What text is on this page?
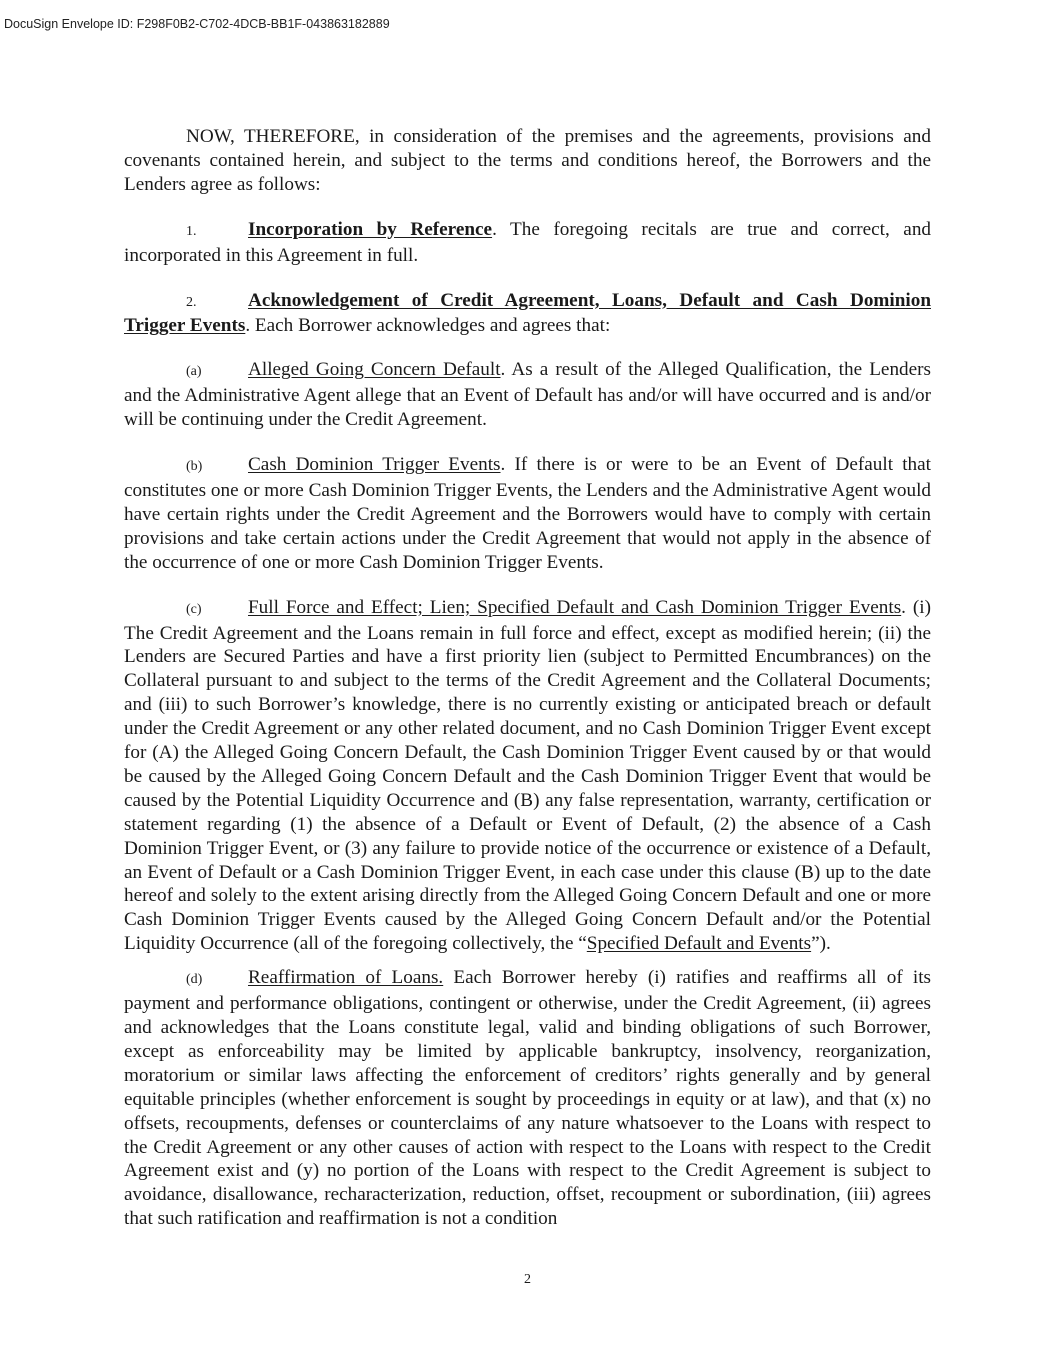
DocuSign Envelope ID: F298F0B2-C702-4DCB-BB1F-043863182889

NOW, THEREFORE, in consideration of the premises and the agreements, provisions and covenants contained herein, and subject to the terms and conditions hereof, the Borrowers and the Lenders agree as follows:

1.	Incorporation by Reference. The foregoing recitals are true and correct, and incorporated in this Agreement in full.

2.	Acknowledgement of Credit Agreement, Loans, Default and Cash Dominion Trigger Events. Each Borrower acknowledges and agrees that:

(a) Alleged Going Concern Default. As a result of the Alleged Qualification, the Lenders and the Administrative Agent allege that an Event of Default has and/or will have occurred and is and/or will be continuing under the Credit Agreement.

(b) Cash Dominion Trigger Events. If there is or were to be an Event of Default that constitutes one or more Cash Dominion Trigger Events, the Lenders and the Administrative Agent would have certain rights under the Credit Agreement and the Borrowers would have to comply with certain provisions and take certain actions under the Credit Agreement that would not apply in the absence of the occurrence of one or more Cash Dominion Trigger Events.

(c) Full Force and Effect; Lien; Specified Default and Cash Dominion Trigger Events. (i) The Credit Agreement and the Loans remain in full force and effect, except as modified herein; (ii) the Lenders are Secured Parties and have a first priority lien (subject to Permitted Encumbrances) on the Collateral pursuant to and subject to the terms of the Credit Agreement and the Collateral Documents; and (iii) to such Borrower’s knowledge, there is no currently existing or anticipated breach or default under the Credit Agreement or any other related document, and no Cash Dominion Trigger Event except for (A) the Alleged Going Concern Default, the Cash Dominion Trigger Event caused by or that would be caused by the Alleged Going Concern Default and the Cash Dominion Trigger Event that would be caused by the Potential Liquidity Occurrence and (B) any false representation, warranty, certification or statement regarding (1) the absence of a Default or Event of Default, (2) the absence of a Cash Dominion Trigger Event, or (3) any failure to provide notice of the occurrence or existence of a Default, an Event of Default or a Cash Dominion Trigger Event, in each case under this clause (B) up to the date hereof and solely to the extent arising directly from the Alleged Going Concern Default and one or more Cash Dominion Trigger Events caused by the Alleged Going Concern Default and/or the Potential Liquidity Occurrence (all of the foregoing collectively, the “Specified Default and Events”).

(d) Reaffirmation of Loans. Each Borrower hereby (i) ratifies and reaffirms all of its payment and performance obligations, contingent or otherwise, under the Credit Agreement, (ii) agrees and acknowledges that the Loans constitute legal, valid and binding obligations of such Borrower, except as enforceability may be limited by applicable bankruptcy, insolvency, reorganization, moratorium or similar laws affecting the enforcement of creditors’ rights generally and by general equitable principles (whether enforcement is sought by proceedings in equity or at law), and that (x) no offsets, recoupments, defenses or counterclaims of any nature whatsoever to the Loans with respect to the Credit Agreement or any other causes of action with respect to the Loans with respect to the Credit Agreement exist and (y) no portion of the Loans with respect to the Credit Agreement is subject to avoidance, disallowance, recharacterization, reduction, offset, recoupment or subordination, (iii) agrees that such ratification and reaffirmation is not a condition

2
